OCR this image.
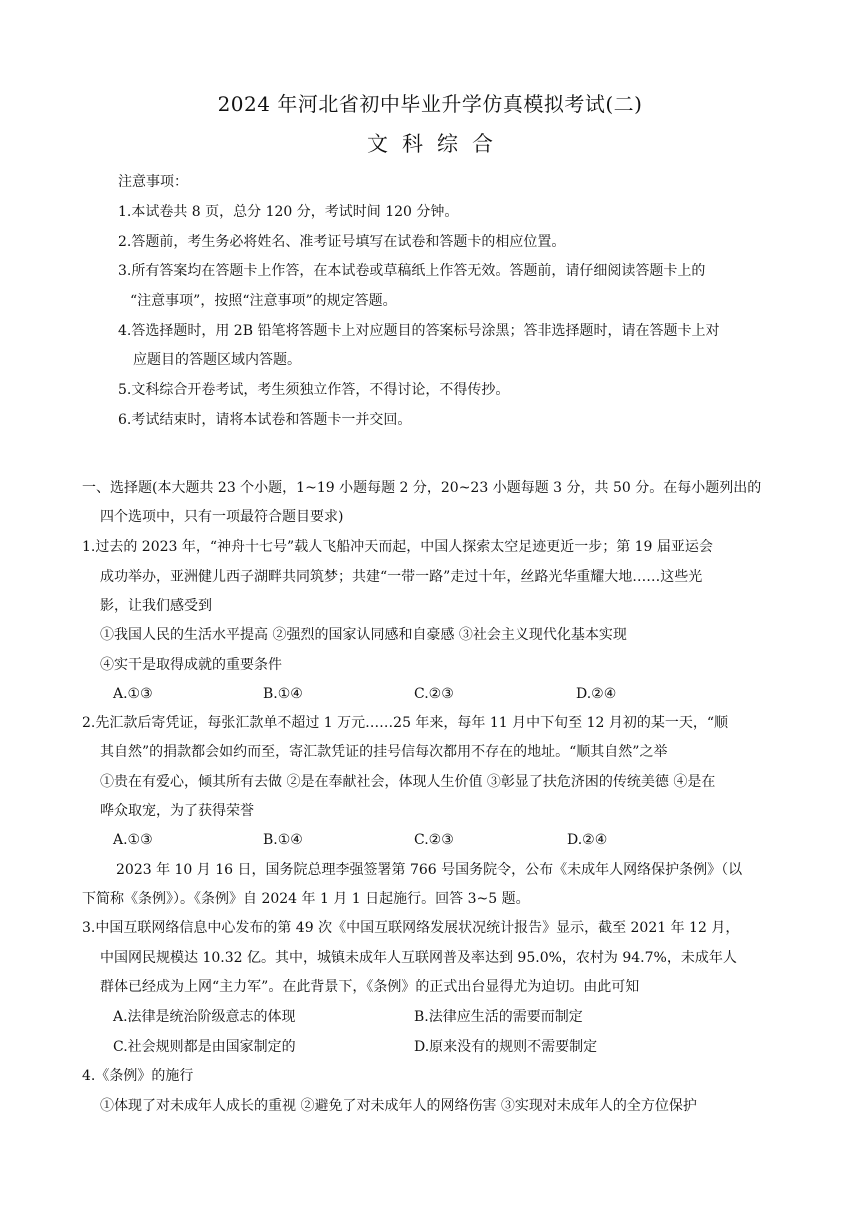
2024 年河北省初中毕业升学仿真模拟考试(二)
文科综合
注意事项：
1.本试卷共 8 页，总分 120 分，考试时间 120 分钟。
2.答题前，考生务必将姓名、准考证号填写在试卷和答题卡的相应位置。
3.所有答案均在答题卡上作答，在本试卷或草稿纸上作答无效。答题前，请仔细阅读答题卡上的
“注意事项”，按照“注意事项”的规定答题。
4.答选择题时，用 2B 铅笔将答题卡上对应题目的答案标号涂黑；答非选择题时，请在答题卡上对
应题目的答题区域内答题。
5.文科综合开卷考试，考生须独立作答，不得讨论，不得传抄。
6.考试结束时，请将本试卷和答题卡一并交回。
一、选择题(本大题共 23 个小题，1~19 小题每题 2 分，20~23 小题每题 3 分，共 50 分。在每小题列出的
四个选项中，只有一项最符合题目要求)
1.过去的 2023 年，“神舟十七号”载人飞船冲天而起，中国人探索太空足迹更近一步；第 19 届亚运会
成功举办，亚洲健儿西子湖畔共同筑梦；共建“一带一路”走过十年，丝路光华重耀大地……这些光
影，让我们感受到
①我国人民的生活水平提高 ②强烈的国家认同感和自豪感 ③社会主义现代化基本实现
④实干是取得成就的重要条件
A.①③	B.①④	C.②③	D.②④
2.先汇款后寄凭证，每张汇款单不超过 1 万元……25 年来，每年 11 月中下旬至 12 月初的某一天，“顺
其自然”的捐款都会如约而至，寄汇款凭证的挂号信每次都用不存在的地址。“顺其自然”之举
①贵在有爱心，倾其所有去做 ②是在奉献社会，体现人生价值 ③彰显了扶危济困的传统美德 ④是在
哗众取宠，为了获得荣誉
A.①③	B.①④	C.②③	D.②④
2023 年 10 月 16 日，国务院总理李强签署第 766 号国务院令，公布《未成年人网络保护条例》（以
下简称《条例》）。《条例》自 2024 年 1 月 1 日起施行。回答 3~5 题。
3.中国互联网络信息中心发布的第 49 次《中国互联网络发展状况统计报告》显示，截至 2021 年 12 月，
中国网民规模达 10.32 亿。其中，城镇未成年人互联网普及率达到 95.0%，农村为 94.7%，未成年人
群体已经成为上网“主力军”。在此背景下，《条例》的正式出台显得尤为迫切。由此可知
A.法律是统治阶级意志的体现	B.法律应生活的需要而制定
C.社会规则都是由国家制定的	D.原来没有的规则不需要制定
4.《条例》的施行
①体现了对未成年人成长的重视 ②避免了对未成年人的网络伤害 ③实现对未成年人的全方位保护
